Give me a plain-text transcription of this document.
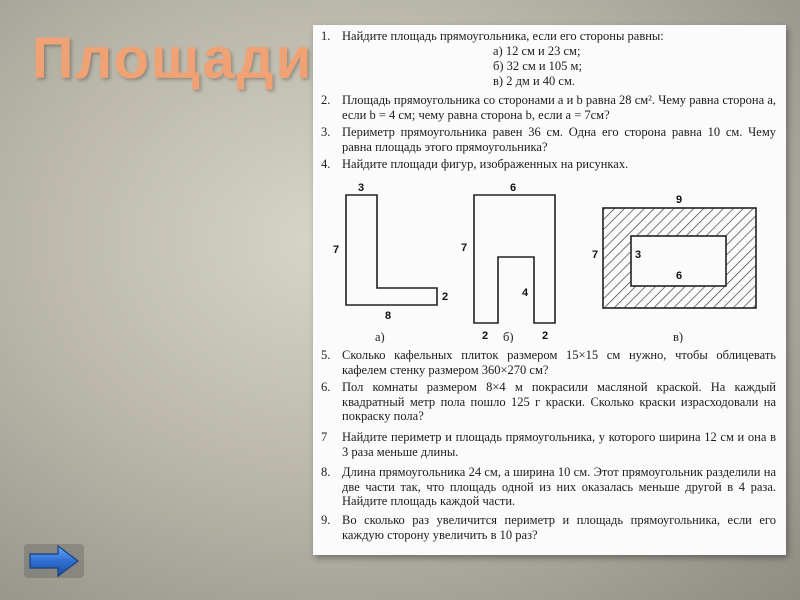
Площади 1. Найдите площадь прямоугольника, если его стороны равны:
а) 12 см и 23 см;
б) 32 см и 105 м;
в) 2 дм и 40 см.
2. Площадь прямоугольника со сторонами a и b равна 28 см². Чему равна сторона a, если b = 4 см; чему равна сторона b, если a = 7см?
3. Периметр прямоугольника равен 36 см. Одна его сторона равна 10 см. Чему равна площадь этого прямоугольника?
4. Найдите площади фигур, изображенных на рисунках.
3
7
8
2
а)
6
7
4
2	2
б)
9
7	3
6
в)
5. Сколько кафельных плиток размером 15×15 см нужно, чтобы облицевать кафелем стенку размером 360×270 см?
6. Пол комнаты размером 8×4 м покрасили масляной краской. На каждый квадратный метр пола пошло 125 г краски. Сколько краски израсходовали на покраску пола?
7 Найдите периметр и площадь прямоугольника, у которого ширина 12 см и она в 3 раза меньше длины.
8. Длина прямоугольника 24 см, а ширина 10 см. Этот прямоугольник разделили на две части так, что площадь одной из них оказалась меньше другой в 4 раза. Найдите площадь каждой части.
9. Во сколько раз увеличится периметр и площадь прямоугольника, если его каждую сторону увеличить в 10 раз?
